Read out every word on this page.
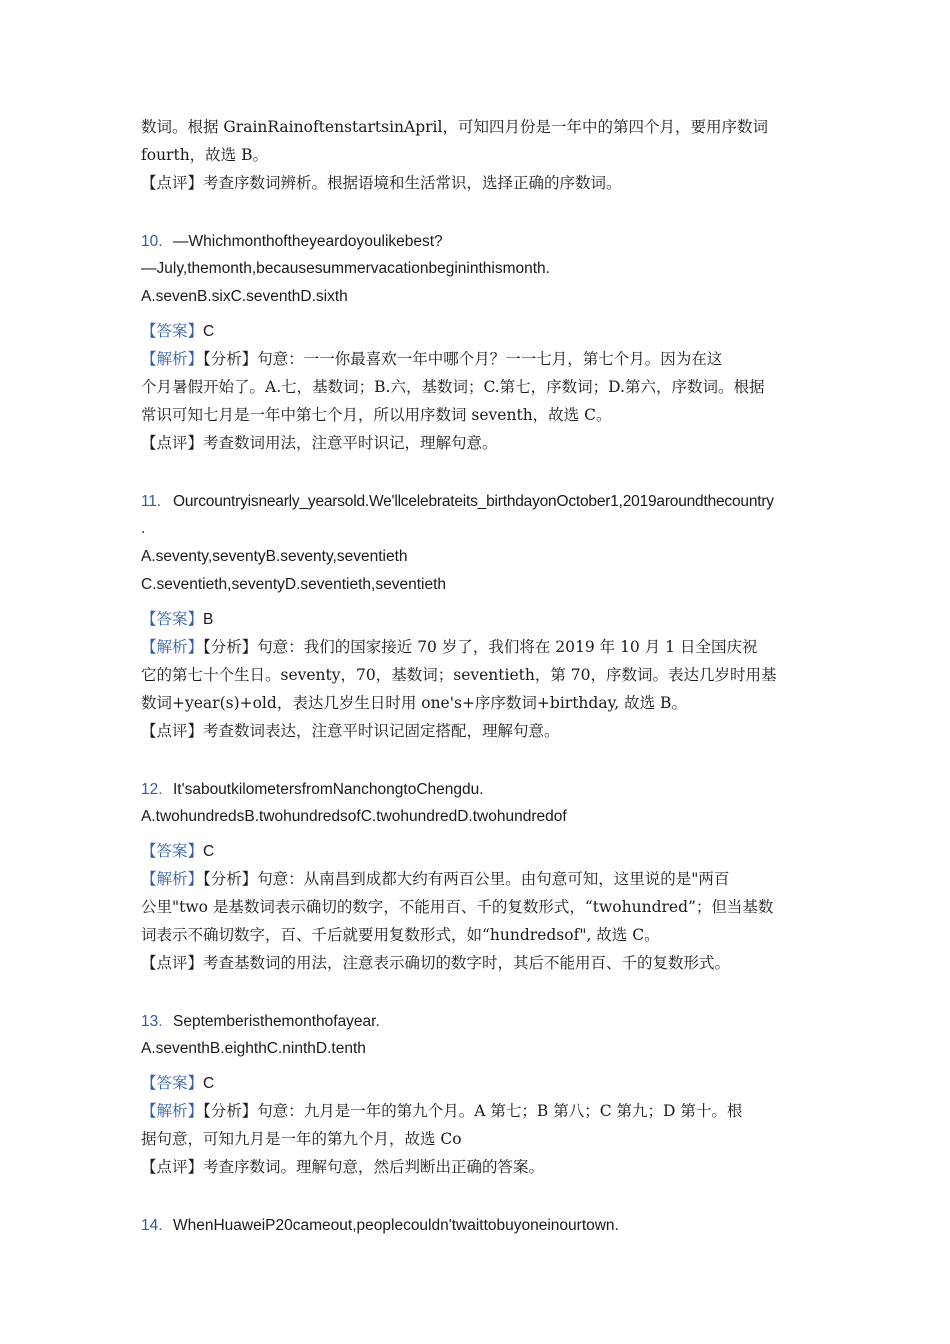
数词。根据 GrainRainoftenstartsinApril，可知四月份是一年中的第四个月，要用序数词
fourth，故选 B。
【点评】考查序数词辨析。根据语境和生活常识，选择正确的序数词。
10. —Whichmonthoftheyeardoyoulikebest?
—July,themonth,becausesummervacationbegininthismonth.
A.sevenB.sixC.seventhD.sixth
【答案】C
【解析】【分析】句意：一一你最喜欢一年中哪个月？一一七月，第七个月。因为在这
个月暑假开始了。A.七，基数词；B.六，基数词；C.第七，序数词；D.第六，序数词。根据
常识可知七月是一年中第七个月，所以用序数词 seventh，故选 C。
【点评】考查数词用法，注意平时识记，理解句意。
11. Ourcountryisnearly_yearsold.We'llcelebrateits_birthdayonOctober1,2019aroundthecountry
.
A.seventy,seventyB.seventy,seventieth
C.seventieth,seventyD.seventieth,seventieth
【答案】B
【解析】【分析】句意：我们的国家接近 70 岁了，我们将在 2019 年 10 月 1 日全国庆祝
它的第七十个生日。seventy，70，基数词；seventieth，第 70，序数词。表达几岁时用基
数词+year(s)+old，表达几岁生日时用 one's+序序数词+birthday, 故选 B。
【点评】考查数词表达，注意平时识记固定搭配，理解句意。
12. It'saboutkilometersfromNanchongtoChengdu.
A.twohundredsB.twohundredsofC.twohundredD.twohundredof
【答案】C
【解析】【分析】句意：从南昌到成都大约有两百公里。由句意可知，这里说的是"两百
公里"two 是基数词表示确切的数字，不能用百、千的复数形式，“twohundred”；但当基数
词表示不确切数字，百、千后就要用复数形式，如“hundredsof", 故选 C。
【点评】考查基数词的用法，注意表示确切的数字时，其后不能用百、千的复数形式。
13. Septemberisthemonthofayear.
A.seventhB.eighthC.ninthD.tenth
【答案】C
【解析】【分析】句意：九月是一年的第九个月。A 第七；B 第八；C 第九；D 第十。根
据句意，可知九月是一年的第九个月，故选 Co
【点评】考查序数词。理解句意，然后判断出正确的答案。
14. WhenHuaweiP20cameout,peoplecouldn'twaittobuyoneinourtown.
